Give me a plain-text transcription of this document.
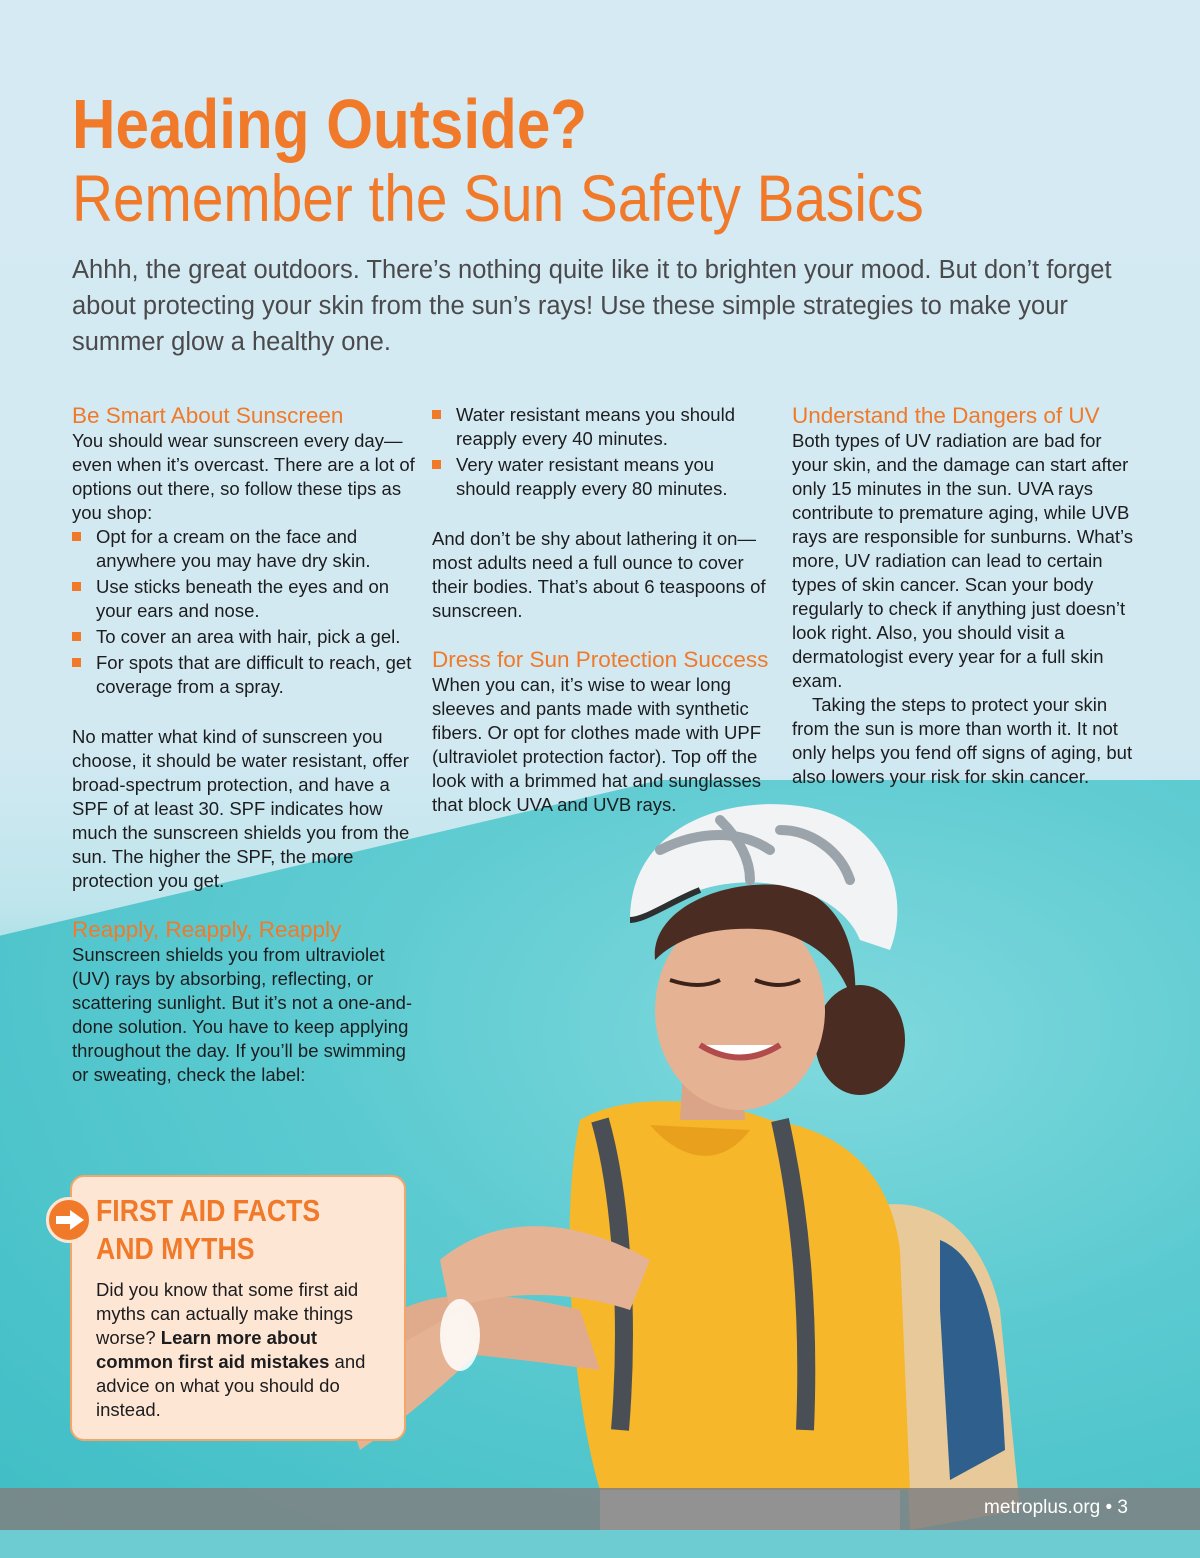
Heading Outside?
Remember the Sun Safety Basics

Ahhh, the great outdoors. There’s nothing quite like it to brighten your mood. But don’t forget about protecting your skin from the sun’s rays! Use these simple strategies to make your summer glow a healthy one.

Be Smart About Sunscreen

You should wear sunscreen every day—even when it’s overcast. There are a lot of options out there, so follow these tips as you shop:

Opt for a cream on the face and anywhere you may have dry skin.
Use sticks beneath the eyes and on your ears and nose.
To cover an area with hair, pick a gel.
For spots that are difficult to reach, get coverage from a spray.

No matter what kind of sunscreen you choose, it should be water resistant, offer broad-spectrum protection, and have a SPF of at least 30. SPF indicates how much the sunscreen shields you from the sun. The higher the SPF, the more protection you get.

Reapply, Reapply, Reapply

Sunscreen shields you from ultraviolet (UV) rays by absorbing, reflecting, or scattering sunlight. But it’s not a one-and-done solution. You have to keep applying throughout the day. If you’ll be swimming or sweating, check the label:

Water resistant means you should reapply every 40 minutes.
Very water resistant means you should reapply every 80 minutes.

And don’t be shy about lathering it on—most adults need a full ounce to cover their bodies. That’s about 6 teaspoons of sunscreen.

Dress for Sun Protection Success

When you can, it’s wise to wear long sleeves and pants made with synthetic fibers. Or opt for clothes made with UPF (ultraviolet protection factor). Top off the look with a brimmed hat and sunglasses that block UVA and UVB rays.

Understand the Dangers of UV

Both types of UV radiation are bad for your skin, and the damage can start after only 15 minutes in the sun. UVA rays contribute to premature aging, while UVB rays are responsible for sunburns. What’s more, UV radiation can lead to certain types of skin cancer. Scan your body regularly to check if anything just doesn’t look right. Also, you should visit a dermatologist every year for a full skin exam.

Taking the steps to protect your skin from the sun is more than worth it. It not only helps you fend off signs of aging, but also lowers your risk for skin cancer.

FIRST AID FACTS
AND MYTHS

Did you know that some first aid myths can actually make things worse? Learn more about common first aid mistakes and advice on what you should do instead.

metroplus.org • 3
